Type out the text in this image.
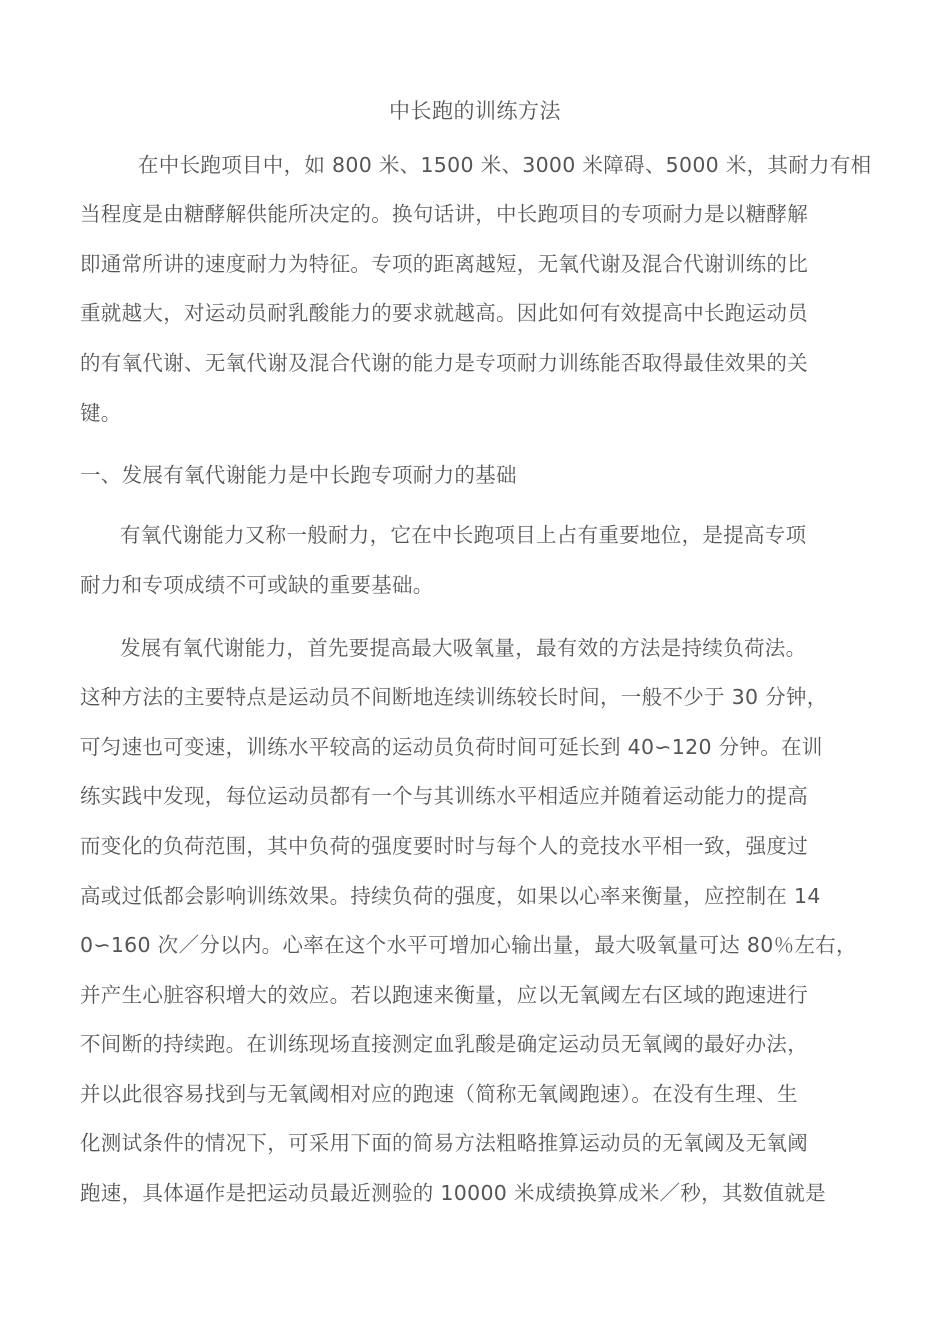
中长跑的训练方法
在中长跑项目中，如 800 米、1500 米、3000 米障碍、5000 米，其耐力有相
当程度是由糖酵解供能所决定的。换句话讲，中长跑项目的专项耐力是以糖酵解
即通常所讲的速度耐力为特征。专项的距离越短，无氧代谢及混合代谢训练的比
重就越大，对运动员耐乳酸能力的要求就越高。因此如何有效提高中长跑运动员
的有氧代谢、无氧代谢及混合代谢的能力是专项耐力训练能否取得最佳效果的关
键。
一、发展有氧代谢能力是中长跑专项耐力的基础
有氧代谢能力又称一般耐力，它在中长跑项目上占有重要地位，是提高专项
耐力和专项成绩不可或缺的重要基础。
发展有氧代谢能力，首先要提高最大吸氧量，最有效的方法是持续负荷法。
这种方法的主要特点是运动员不间断地连续训练较长时间，一般不少于 30 分钟，
可匀速也可变速，训练水平较高的运动员负荷时间可延长到 40∽120 分钟。在训
练实践中发现，每位运动员都有一个与其训练水平相适应并随着运动能力的提高
而变化的负荷范围，其中负荷的强度要时时与每个人的竞技水平相一致，强度过
高或过低都会影响训练效果。持续负荷的强度，如果以心率来衡量，应控制在 14
0∽160 次／分以内。心率在这个水平可增加心输出量，最大吸氧量可达 80％左右，
并产生心脏容积增大的效应。若以跑速来衡量，应以无氧阈左右区域的跑速进行
不间断的持续跑。在训练现场直接测定血乳酸是确定运动员无氧阈的最好办法，
并以此很容易找到与无氧阈相对应的跑速（简称无氧阈跑速）。在没有生理、生
化测试条件的情况下，可采用下面的简易方法粗略推算运动员的无氧阈及无氧阈
跑速，具体逼作是把运动员最近测验的 10000 米成绩换算成米／秒，其数值就是
